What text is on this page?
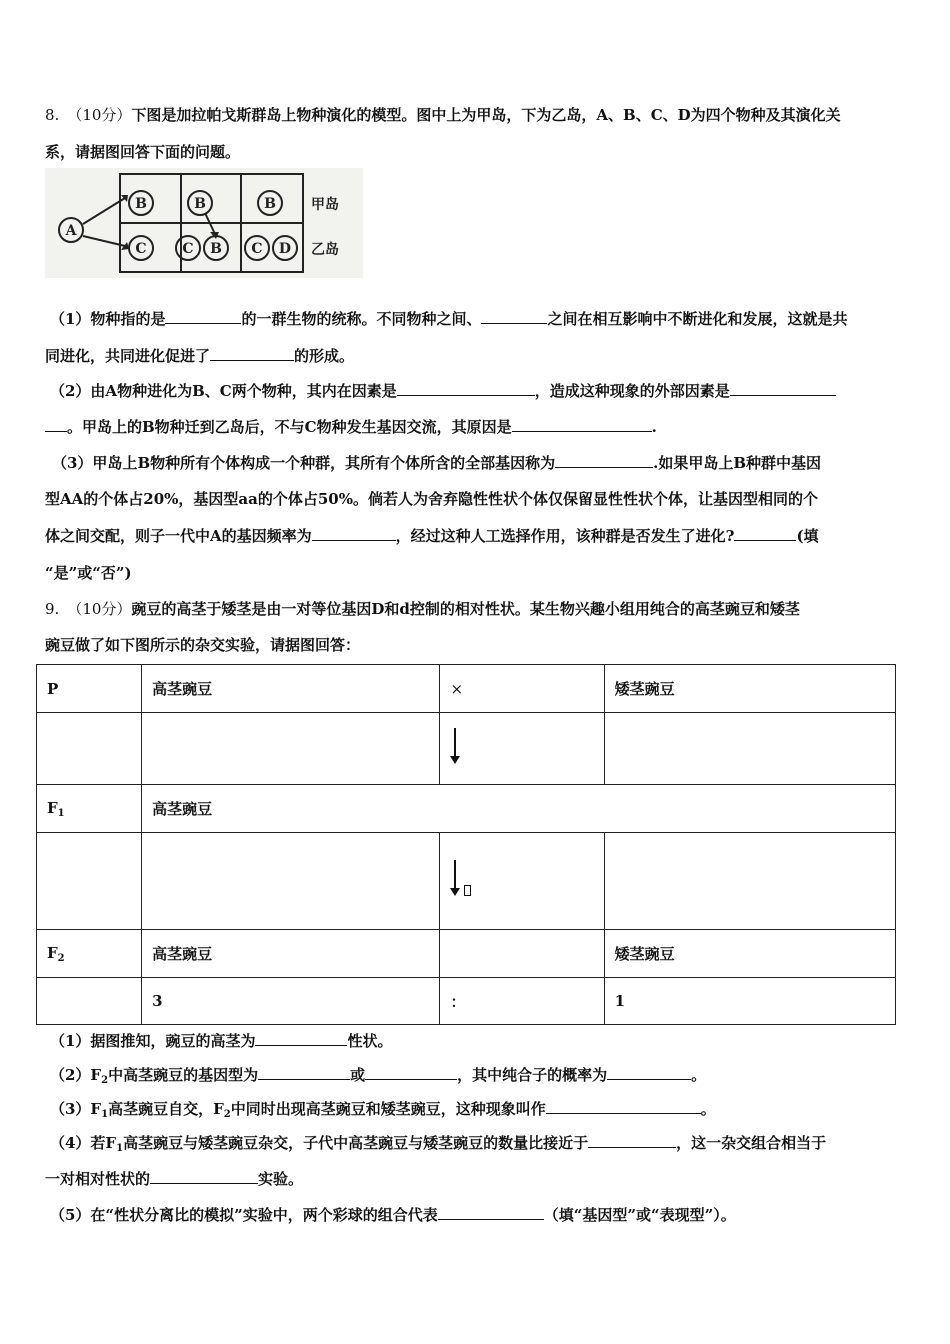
8. （10分）下图是加拉帕戈斯群岛上物种演化的模型。图中上为甲岛，下为乙岛，A、B、C、D为四个物种及其演化关
系，请据图回答下面的问题。
A
B	B	B
C	C B C D
甲岛
乙岛
（1）物种指的是	的一群生物的统称。不同物种之间、	之间在相互影响中不断进化和发展，这就是共
同进化，共同进化促进了	的形成。
（2）由A物种进化为B、C两个物种，其内在因素是	，造成这种现象的外部因素是
。甲岛上的B物种迁到乙岛后，不与C物种发生基因交流，其原因是	.
（3）甲岛上B物种所有个体构成一个种群，其所有个体所含的全部基因称为	.如果甲岛上B种群中基因
型AA的个体占20%，基因型aa的个体占50%。倘若人为舍弃隐性性状个体仅保留显性性状个体，让基因型相同的个
体之间交配，则子一代中A的基因频率为	，经过这种人工选择作用，该种群是否发生了进化?	(填
“是”或“否”)
9. （10分）豌豆的高茎于矮茎是由一对等位基因D和d控制的相对性状。某生物兴趣小组用纯合的高茎豌豆和矮茎
豌豆做了如下图所示的杂交实验，请据图回答：
P	高茎豌豆	×	矮茎豌豆

$F_1$	高茎豌豆		

$F_2$	高茎豌豆		矮茎豌豆
	3	：	1
（1）据图推知，豌豆的高茎为	性状。
$(2)F_2$中高茎豌豆的基因型为	或	，其中纯合子的概率为	。
$(3)F_1$高茎豌豆自交，$F_2$中同时出现高茎豌豆和矮茎豌豆，这种现象叫作	。
（4）若$F_1$高茎豌豆与矮茎豌豆杂交，子代中高茎豌豆与矮茎豌豆的数量比接近于	，这一杂交组合相当于
一对相对性状的	实验。
（5）在“性状分离比的模拟”实验中，两个彩球的组合代表	（填“基因型”或“表现型”）。
